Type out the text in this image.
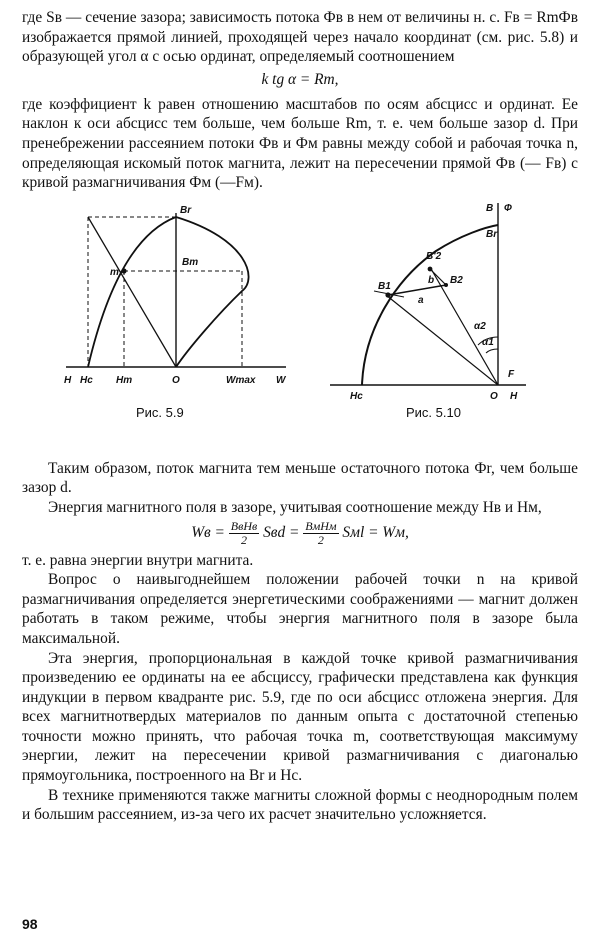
где Sв — сечение зазора; зависимость потока Фв в нем от величины н. с. Fв = RmФв изображается прямой линией, проходящей через начало координат (см. рис. 5.8) и образующей угол α с осью ординат, определяемый соотношением

k tg α = Rm,

где коэффициент k равен отношению масштабов по осям абсцисс и ординат. Ее наклон к оси абсцисс тем больше, чем больше Rm, т. е. чем больше зазор d. При пренебрежении рассеянием потоки Фв и Фм равны между собой и рабочая точка n, определяющая искомый поток магнита, лежит на пересечении прямой Фв (— Fв) с кривой размагничивания Фм (—Fм).

Br
Bm
m
H Hc Hm	O	Wmax W
Рис. 5.9
B Ф
Br
B'2
B1
B2
b
a
α2
α1
F
Hc	O H
Рис. 5.10

Таким образом, поток магнита тем меньше остаточного потока Фr, чем больше зазор d.

Энергия магнитного поля в зазоре, учитывая соотношение между Hв и Hм,

Wв = $\frac{\text{BвHв}}{2}$ Sвd = $\frac{\text{BмHм}}{2}$ Sмl = Wм,

т. е. равна энергии внутри магнита.

Вопрос о наивыгоднейшем положении рабочей точки n на кривой размагничивания определяется энергетическими соображениями — магнит должен работать в таком режиме, чтобы энергия магнитного поля в зазоре была максимальной.

Эта энергия, пропорциональная в каждой точке кривой размагничивания произведению ее ординаты на ее абсциссу, графически представлена как функция индукции в первом квадранте рис. 5.9, где по оси абсцисс отложена энергия. Для всех магнитнотвердых материалов по данным опыта с достаточной степенью точности можно принять, что рабочая точка m, соответствующая максимуму энергии, лежит на пересечении кривой размагничивания с диагональю прямоугольника, построенного на Br и Hc.

В технике применяются также магниты сложной формы с неоднородным полем и большим рассеянием, из-за чего их расчет значительно усложняется.

98
